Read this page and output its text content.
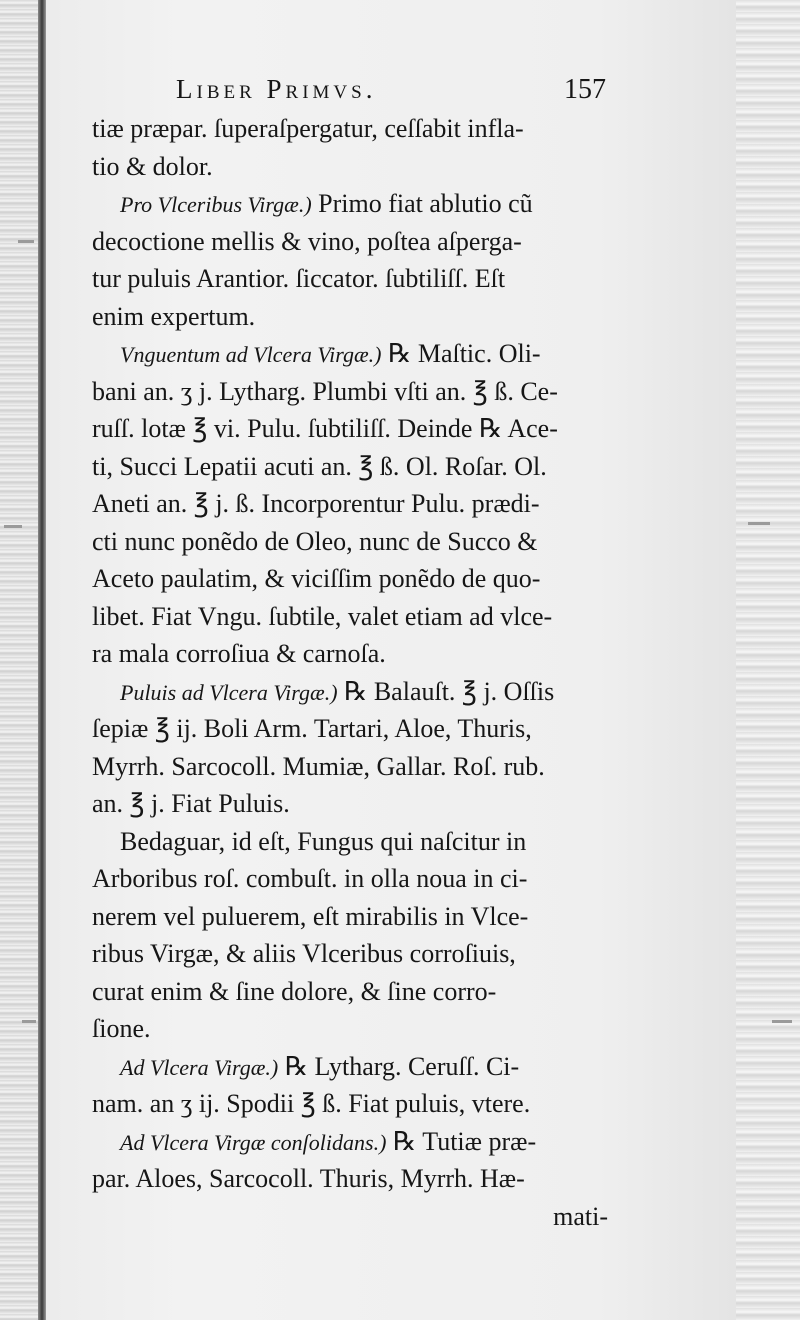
Liber Primvs.	157
tiæ præpar. ſuperaſpergatur, ceſſabit infla-
tio & dolor.
Pro Vlceribus Virgæ.) Primo fiat ablutio cũ
decoctione mellis & vino, poſtea aſperga-
tur puluis Arantior. ſiccator. ſubtiliſſ. Eſt
enim expertum.
Vnguentum ad Vlcera Virgæ.) ℞ Maſtic. Oli-
bani an. ʒ j. Lytharg. Plumbi vſti an. ℥ ß. Ce-
ruſſ. lotæ ℥ vi. Pulu. ſubtiliſſ. Deinde ℞ Ace-
ti, Succi Lepatii acuti an. ℥ ß. Ol. Roſar. Ol.
Aneti an. ℥ j. ß. Incorporentur Pulu. prædi-
cti nunc ponẽdo de Oleo, nunc de Succo &
Aceto paulatim, & viciſſim ponẽdo de quo-
libet. Fiat Vngu. ſubtile, valet etiam ad vlce-
ra mala corroſiua & carnoſa.
Puluis ad Vlcera Virgæ.) ℞ Balauſt. ℥ j. Oſſis
ſepiæ ℥ ij. Boli Arm. Tartari, Aloe, Thuris,
Myrrh. Sarcocoll. Mumiæ, Gallar. Roſ. rub.
an. ℥ j. Fiat Puluis.
Bedaguar, id eſt, Fungus qui naſcitur in
Arboribus roſ. combuſt. in olla noua in ci-
nerem vel puluerem, eſt mirabilis in Vlce-
ribus Virgæ, & aliis Vlceribus corroſiuis,
curat enim & ſine dolore, & ſine corro-
ſione.
Ad Vlcera Virgæ.) ℞ Lytharg. Ceruſſ. Ci-
nam. an ʒ ij. Spodii ℥ ß. Fiat puluis, vtere.
Ad Vlcera Virgæ conſolidans.) ℞ Tutiæ præ-
par. Aloes, Sarcocoll. Thuris, Myrrh. Hæ-
mati-
